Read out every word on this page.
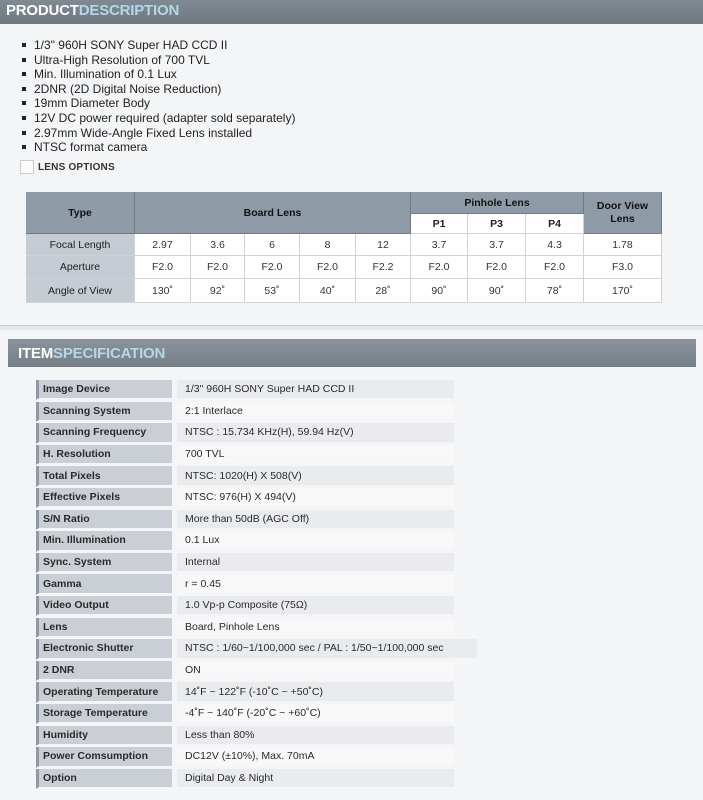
PRODUCTDESCRIPTION
1/3" 960H SONY Super HAD CCD II
Ultra-High Resolution of 700 TVL
Min. Illumination of 0.1 Lux
2DNR (2D Digital Noise Reduction)
19mm Diameter Body
12V DC power required (adapter sold separately)
2.97mm Wide-Angle Fixed Lens installed
NTSC format camera
LENS OPTIONS
Type	Board Lens
Pinhole Lens
P1	P3	P4
Door View Lens
Focal Length	2.97	3.6	6	8	12	3.7	3.7	4.3	1.78
Aperture	F2.0	F2.0	F2.0	F2.0	F2.2	F2.0	F2.0	F2.0	F3.0
Angle of View	130˚	92˚	53˚	40˚	28˚	90˚	90˚	78˚	170˚
ITEMSPECIFICATION
Image Device	1/3" 960H SONY Super HAD CCD II
Scanning System	2:1 Interlace
Scanning Frequency	NTSC : 15.734 KHz(H), 59.94 Hz(V)
H. Resolution	700 TVL
Total Pixels	NTSC: 1020(H) X 508(V)
Effective Pixels	NTSC: 976(H) X 494(V)
S/N Ratio	More than 50dB (AGC Off)
Min. Illumination	0.1 Lux
Sync. System	Internal
Gamma	r = 0.45
Video Output	1.0 Vp-p Composite (75Ω)
Lens	Board, Pinhole Lens
Electronic Shutter	NTSC : 1/60~1/100,000 sec / PAL : 1/50~1/100,000 sec
2 DNR	ON
Operating Temperature	14˚F ~ 122˚F (-10˚C ~ +50˚C)
Storage Temperature	-4˚F ~ 140˚F (-20˚C ~ +60˚C)
Humidity	Less than 80%
Power Comsumption	DC12V (±10%), Max. 70mA
Option	Digital Day & Night
